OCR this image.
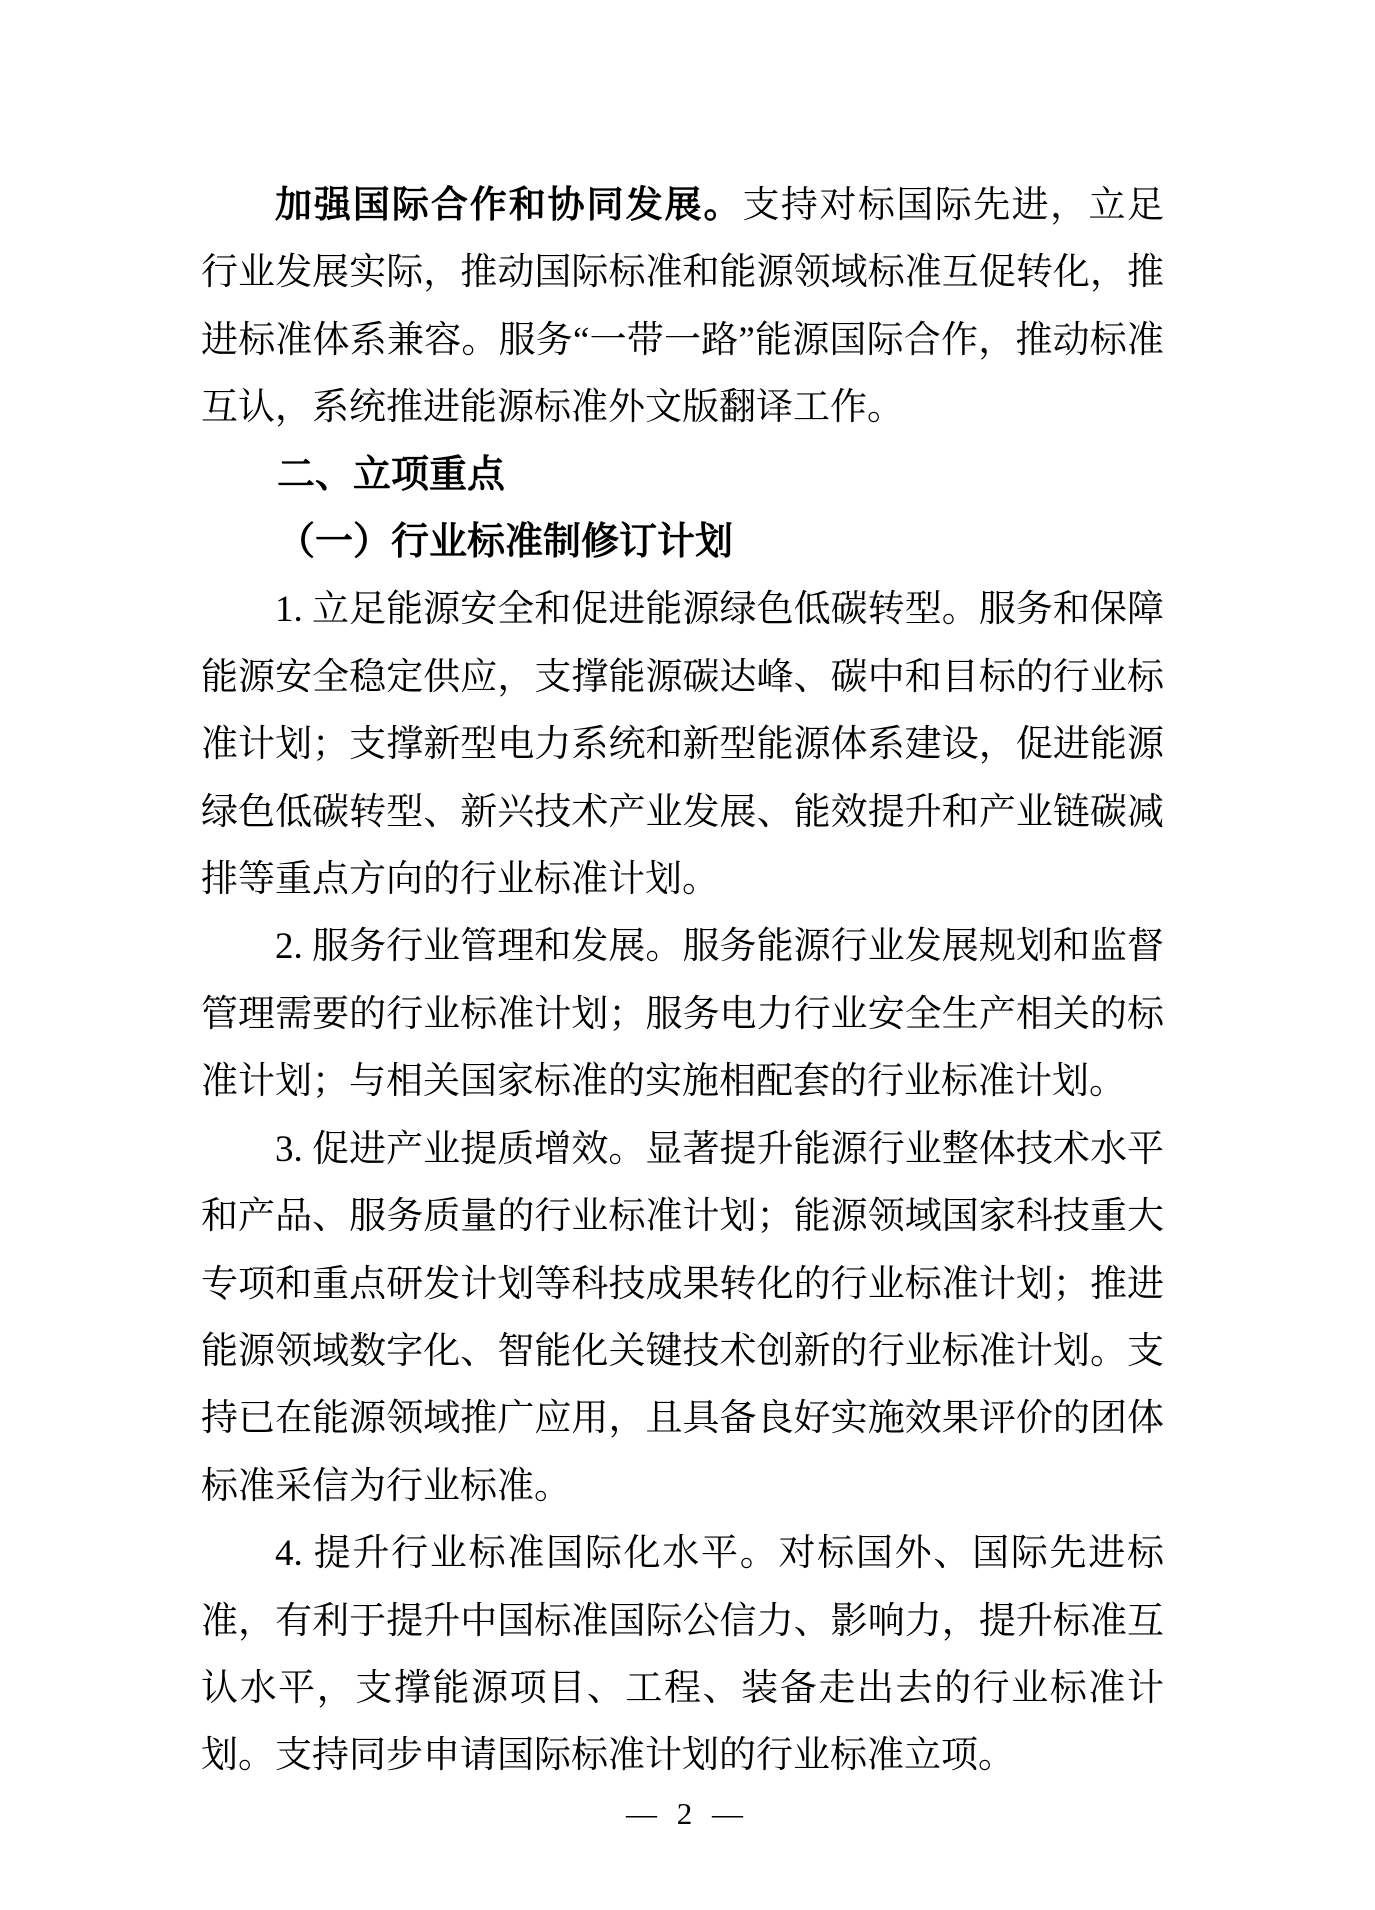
加强国际合作和协同发展。支持对标国际先进，立足行业发展实际，推动国际标准和能源领域标准互促转化，推进标准体系兼容。服务“一带一路”能源国际合作，推动标准互认，系统推进能源标准外文版翻译工作。

二、立项重点
（一）行业标准制修订计划

1. 立足能源安全和促进能源绿色低碳转型。服务和保障能源安全稳定供应，支撑能源碳达峰、碳中和目标的行业标准计划；支撑新型电力系统和新型能源体系建设，促进能源绿色低碳转型、新兴技术产业发展、能效提升和产业链碳减排等重点方向的行业标准计划。

2. 服务行业管理和发展。服务能源行业发展规划和监督管理需要的行业标准计划；服务电力行业安全生产相关的标准计划；与相关国家标准的实施相配套的行业标准计划。

3. 促进产业提质增效。显著提升能源行业整体技术水平和产品、服务质量的行业标准计划；能源领域国家科技重大专项和重点研发计划等科技成果转化的行业标准计划；推进能源领域数字化、智能化关键技术创新的行业标准计划。支持已在能源领域推广应用，且具备良好实施效果评价的团体标准采信为行业标准。

4. 提升行业标准国际化水平。对标国外、国际先进标准，有利于提升中国标准国际公信力、影响力，提升标准互认水平，支撑能源项目、工程、装备走出去的行业标准计划。支持同步申请国际标准计划的行业标准立项。

— 2 —
